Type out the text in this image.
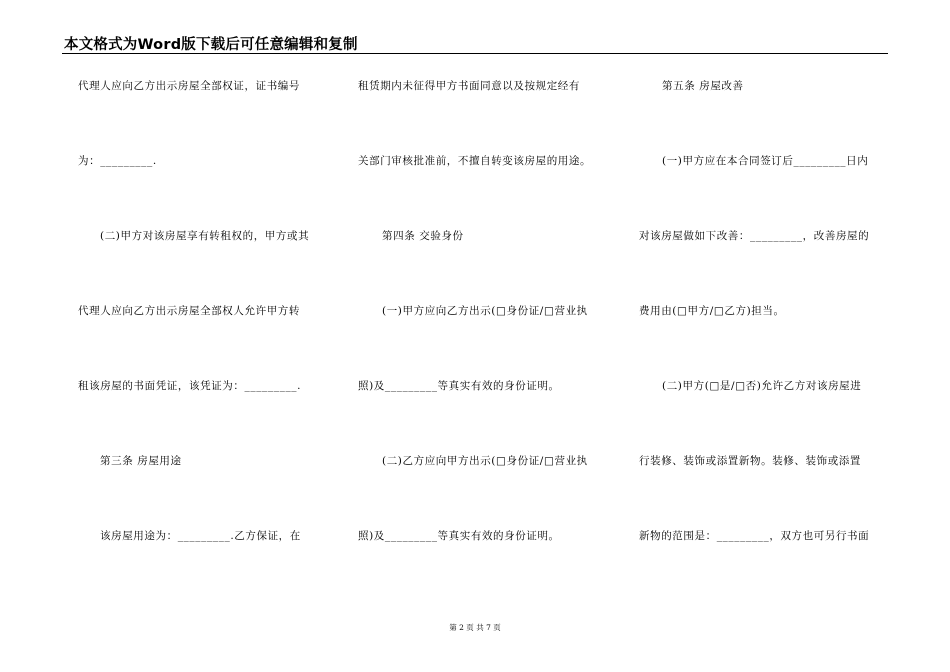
本文格式为Word版下载后可任意编辑和复制
代理人应向乙方出示房屋全部权证，证书编号
为：_________.
(二)甲方对该房屋享有转租权的，甲方或其
代理人应向乙方出示房屋全部权人允许甲方转
租该房屋的书面凭证，该凭证为：_________.
第三条 房屋用途
该房屋用途为：_________.乙方保证，在
租赁期内未征得甲方书面同意以及按规定经有
关部门审核批准前，不擅自转变该房屋的用途。
第四条 交验身份
(一)甲方应向乙方出示(□身份证/□营业执
照)及_________等真实有效的身份证明。
(二)乙方应向甲方出示(□身份证/□营业执
照)及_________等真实有效的身份证明。
第五条 房屋改善
(一)甲方应在本合同签订后_________日内
对该房屋做如下改善：_________，改善房屋的
费用由(□甲方/□乙方)担当。
(二)甲方(□是/□否)允许乙方对该房屋进
行装修、装饰或添置新物。装修、装饰或添置
新物的范围是：_________，双方也可另行书面
第 2 页 共 7 页
